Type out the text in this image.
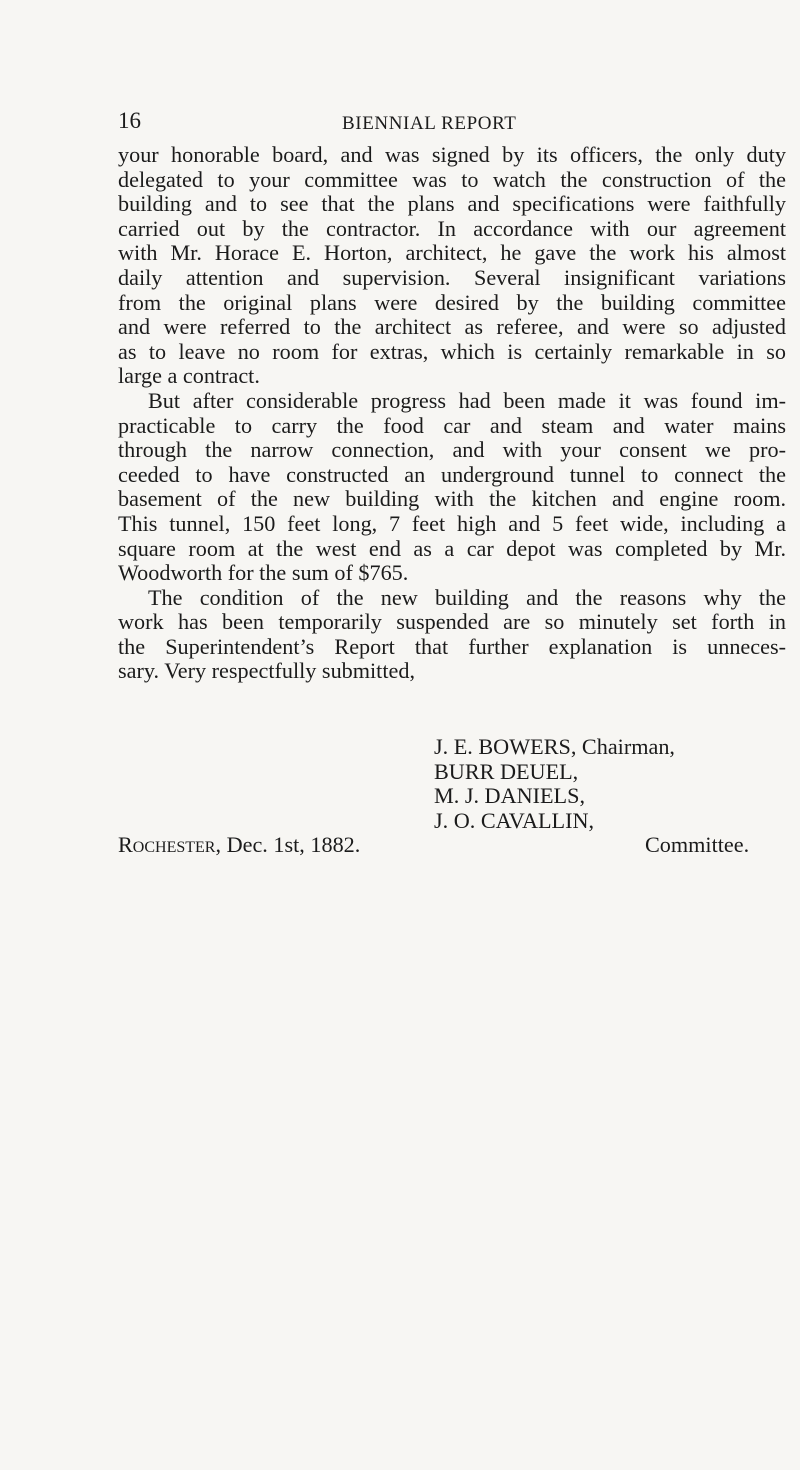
16	BIENNIAL REPORT
your honorable board, and was signed by its officers, the only duty
delegated to your committee was to watch the construction of the
building and to see that the plans and specifications were faithfully
carried out by the contractor. In accordance with our agreement
with Mr. Horace E. Horton, architect, he gave the work his almost
daily attention and supervision. Several insignificant variations
from the original plans were desired by the building committee
and were referred to the architect as referee, and were so adjusted
as to leave no room for extras, which is certainly remarkable in so
large a contract.
But after considerable progress had been made it was found im-
practicable to carry the food car and steam and water mains
through the narrow connection, and with your consent we pro-
ceeded to have constructed an underground tunnel to connect the
basement of the new building with the kitchen and engine room.
This tunnel, 150 feet long, 7 feet high and 5 feet wide, including a
square room at the west end as a car depot was completed by Mr.
Woodworth for the sum of $765.
The condition of the new building and the reasons why the
work has been temporarily suspended are so minutely set forth in
the Superintendent’s Report that further explanation is unneces-
sary. Very respectfully submitted,
J. E. BOWERS, Chairman,
BURR DEUEL,
M. J. DANIELS,
J. O. CAVALLIN,
Rochester, Dec. 1st, 1882.	Committee.
